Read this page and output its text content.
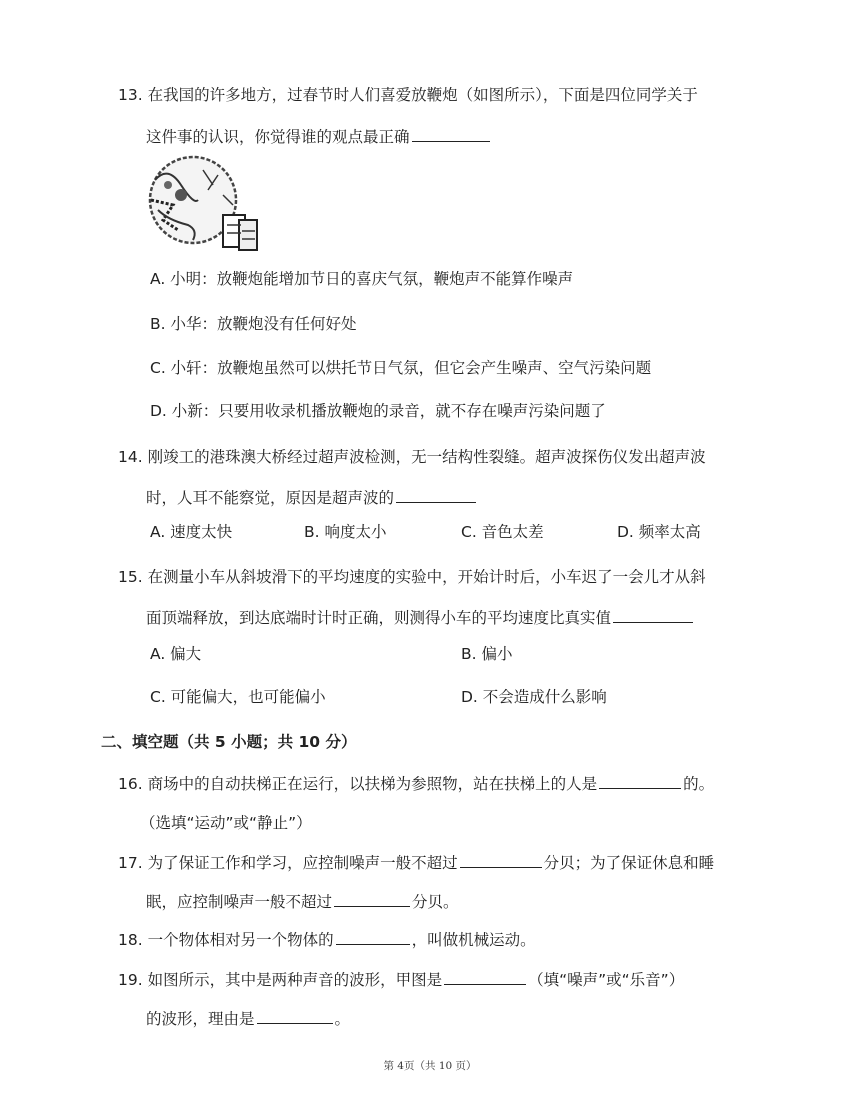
13. 在我国的许多地方，过春节时人们喜爱放鞭炮（如图所示），下面是四位同学关于
这件事的认识，你觉得谁的观点最正确
A. 小明：放鞭炮能增加节日的喜庆气氛，鞭炮声不能算作噪声
B. 小华：放鞭炮没有任何好处
C. 小轩：放鞭炮虽然可以烘托节日气氛，但它会产生噪声、空气污染问题
D. 小新：只要用收录机播放鞭炮的录音，就不存在噪声污染问题了
14. 刚竣工的港珠澳大桥经过超声波检测，无一结构性裂缝。超声波探伤仪发出超声波
时，人耳不能察觉，原因是超声波的
A. 速度太快	B. 响度太小	C. 音色太差	D. 频率太高
15. 在测量小车从斜坡滑下的平均速度的实验中，开始计时后，小车迟了一会儿才从斜
面顶端释放，到达底端时计时正确，则测得小车的平均速度比真实值
A. 偏大	B. 偏小
C. 可能偏大，也可能偏小	D. 不会造成什么影响
二、填空题（共 5 小题；共 10 分）
16. 商场中的自动扶梯正在运行，以扶梯为参照物，站在扶梯上的人是	的。
（选填“运动”或“静止”）
17. 为了保证工作和学习，应控制噪声一般不超过	分贝；为了保证休息和睡
眠，应控制噪声一般不超过	分贝。
18. 一个物体相对另一个物体的	，叫做机械运动。
19. 如图所示，其中是两种声音的波形，甲图是	（填“噪声”或“乐音”）
的波形，理由是	。
第 4页（共 10 页）
